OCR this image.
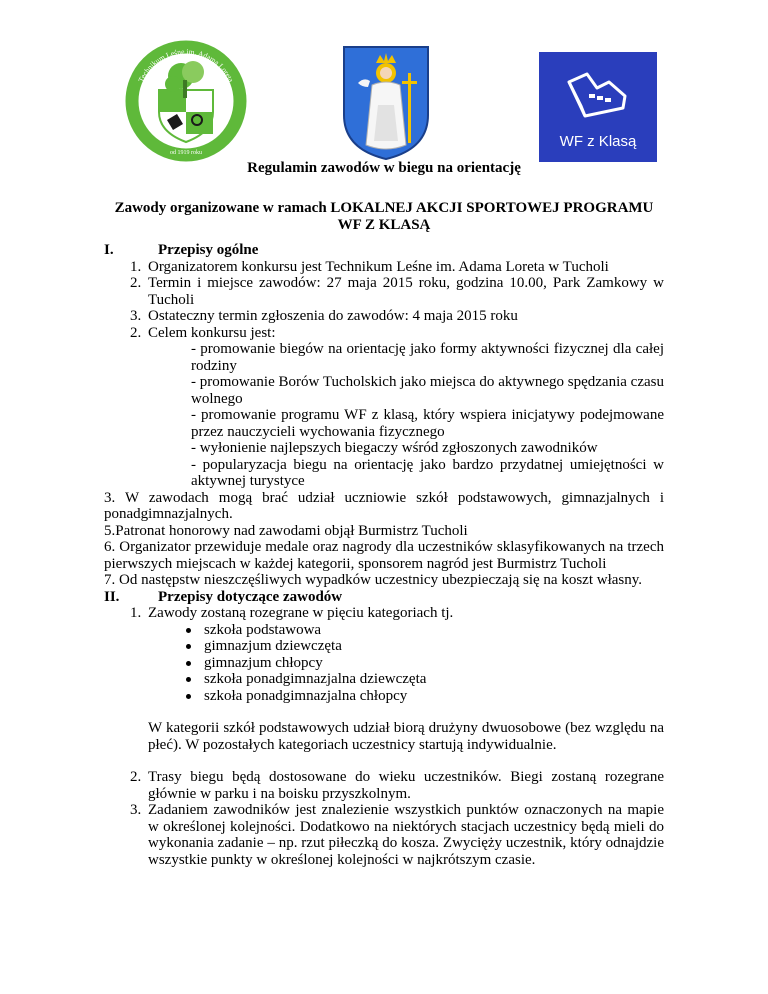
Technikum Leśne im. Adama Loreta
od 1919 roku
WF z Klasą
Regulamin zawodów w biegu na orientację
Zawody organizowane w ramach LOKALNEJ AKCJI SPORTOWEJ PROGRAMU
WF Z KLASĄ
I.	Przepisy ogólne
1. Organizatorem konkursu jest Technikum Leśne im. Adama Loreta w Tucholi
2. Termin i miejsce zawodów: 27 maja 2015 roku, godzina 10.00, Park Zamkowy w Tucholi
3. Ostateczny termin zgłoszenia do zawodów: 4 maja 2015 roku
2. Celem konkursu jest:
- promowanie biegów na orientację jako formy aktywności fizycznej dla całej rodziny
- promowanie Borów Tucholskich jako miejsca do aktywnego spędzania czasu wolnego
- promowanie programu WF z klasą, który wspiera inicjatywy podejmowane przez nauczycieli wychowania fizycznego
- wyłonienie najlepszych biegaczy wśród zgłoszonych zawodników
- popularyzacja biegu na orientację jako bardzo przydatnej umiejętności w aktywnej turystyce
3. W zawodach mogą brać udział uczniowie szkół podstawowych, gimnazjalnych i ponadgimnazjalnych.
5.Patronat honorowy nad zawodami objął Burmistrz Tucholi
6. Organizator przewiduje medale oraz nagrody dla uczestników sklasyfikowanych na trzech pierwszych miejscach w każdej kategorii, sponsorem nagród jest Burmistrz Tucholi
7. Od następstw nieszczęśliwych wypadków uczestnicy ubezpieczają się na koszt własny.
II.	Przepisy dotyczące zawodów
1. Zawody zostaną rozegrane w pięciu kategoriach tj.
szkoła podstawowa
gimnazjum dziewczęta
gimnazjum chłopcy
szkoła ponadgimnazjalna dziewczęta
szkoła ponadgimnazjalna chłopcy
W kategorii szkół podstawowych udział biorą drużyny dwuosobowe (bez względu na płeć). W pozostałych kategoriach uczestnicy startują indywidualnie.
2. Trasy biegu będą dostosowane do wieku uczestników. Biegi zostaną rozegrane głównie w parku i na boisku przyszkolnym.
3. Zadaniem zawodników jest znalezienie wszystkich punktów oznaczonych na mapie w określonej kolejności. Dodatkowo na niektórych stacjach uczestnicy będą mieli do wykonania zadanie – np. rzut piłeczką do kosza. Zwycięży uczestnik, który odnajdzie wszystkie punkty w określonej kolejności w najkrótszym czasie.
